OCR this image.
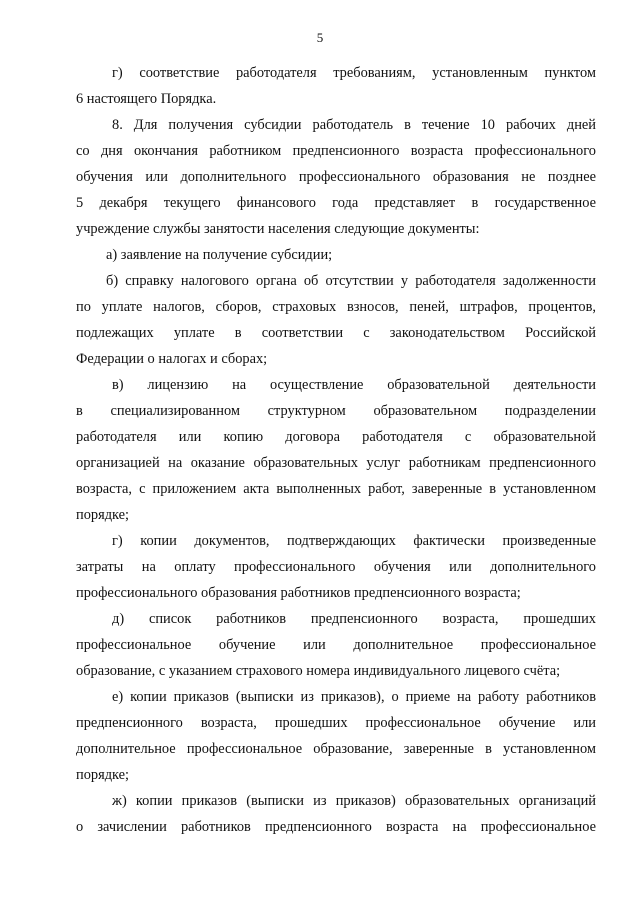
5
г) соответствие работодателя требованиям, установленным пунктом
6 настоящего Порядка.
8. Для получения субсидии работодатель в течение 10 рабочих дней
со дня окончания работником предпенсионного возраста профессионального
обучения или дополнительного профессионального образования не позднее
5 декабря текущего финансового года представляет в государственное
учреждение службы занятости населения следующие документы:
а) заявление на получение субсидии;
б) справку налогового органа об отсутствии у работодателя задолженности
по уплате налогов, сборов, страховых взносов, пеней, штрафов, процентов,
подлежащих уплате в соответствии с законодательством Российской
Федерации о налогах и сборах;
в) лицензию на осуществление образовательной деятельности
в специализированном структурном образовательном подразделении
работодателя или копию договора работодателя с образовательной
организацией на оказание образовательных услуг работникам предпенсионного
возраста, с приложением акта выполненных работ, заверенные в установленном
порядке;
г) копии документов, подтверждающих фактически произведенные
затраты на оплату профессионального обучения или дополнительного
профессионального образования работников предпенсионного возраста;
д) список работников предпенсионного возраста, прошедших
профессиональное обучение или дополнительное профессиональное
образование, с указанием страхового номера индивидуального лицевого счёта;
е) копии приказов (выписки из приказов), о приеме на работу работников
предпенсионного возраста, прошедших профессиональное обучение или
дополнительное профессиональное образование, заверенные в установленном
порядке;
ж) копии приказов (выписки из приказов) образовательных организаций
о зачислении работников предпенсионного возраста на профессиональное
